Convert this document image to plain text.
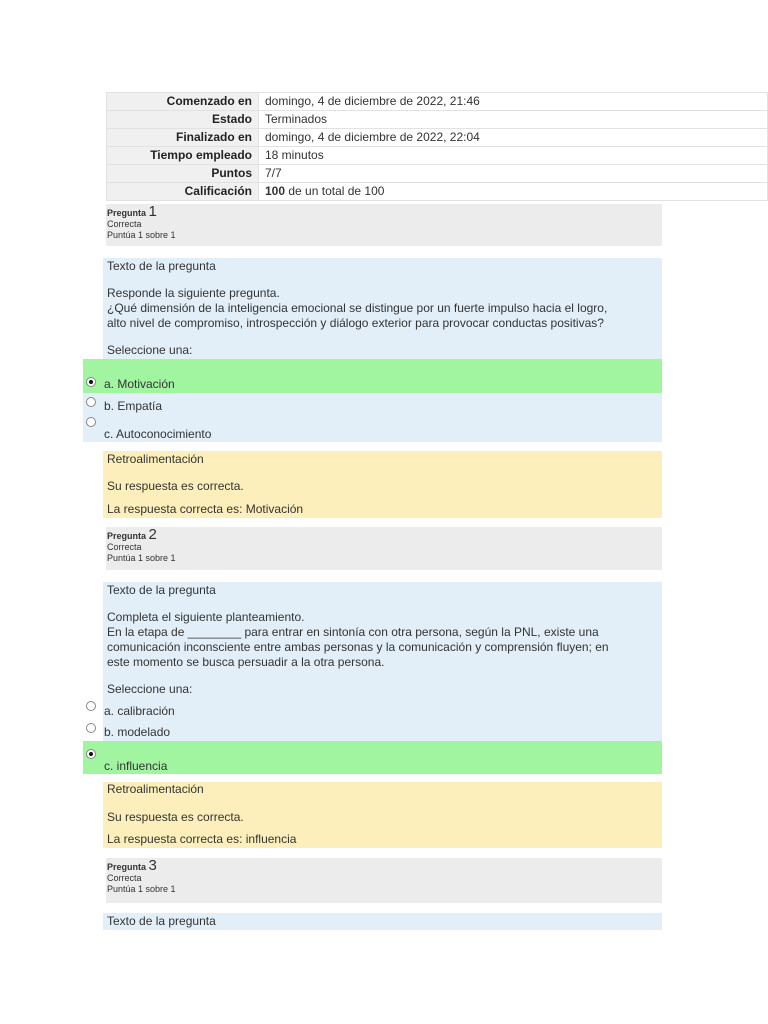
Comenzado en	domingo, 4 de diciembre de 2022, 21:46
Estado	Terminados
Finalizado en	domingo, 4 de diciembre de 2022, 22:04
Tiempo empleado	18 minutos
Puntos	7/7
Calificación	100 de un total de 100
Pregunta 1
Correcta
Puntúa 1 sobre 1
Texto de la pregunta
Responde la siguiente pregunta.
¿Qué dimensión de la inteligencia emocional se distingue por un fuerte impulso hacia el logro,
alto nivel de compromiso, introspección y diálogo exterior para provocar conductas positivas?
Seleccione una:
a. Motivación
b. Empatía
c. Autoconocimiento
Retroalimentación
Su respuesta es correcta.
La respuesta correcta es: Motivación
Pregunta 2
Correcta
Puntúa 1 sobre 1
Texto de la pregunta
Completa el siguiente planteamiento.
En la etapa de ________ para entrar en sintonía con otra persona, según la PNL, existe una
comunicación inconsciente entre ambas personas y la comunicación y comprensión fluyen; en
este momento se busca persuadir a la otra persona.
Seleccione una:
a. calibración
b. modelado
c. influencia
Retroalimentación
Su respuesta es correcta.
La respuesta correcta es: influencia
Pregunta 3
Correcta
Puntúa 1 sobre 1
Texto de la pregunta
